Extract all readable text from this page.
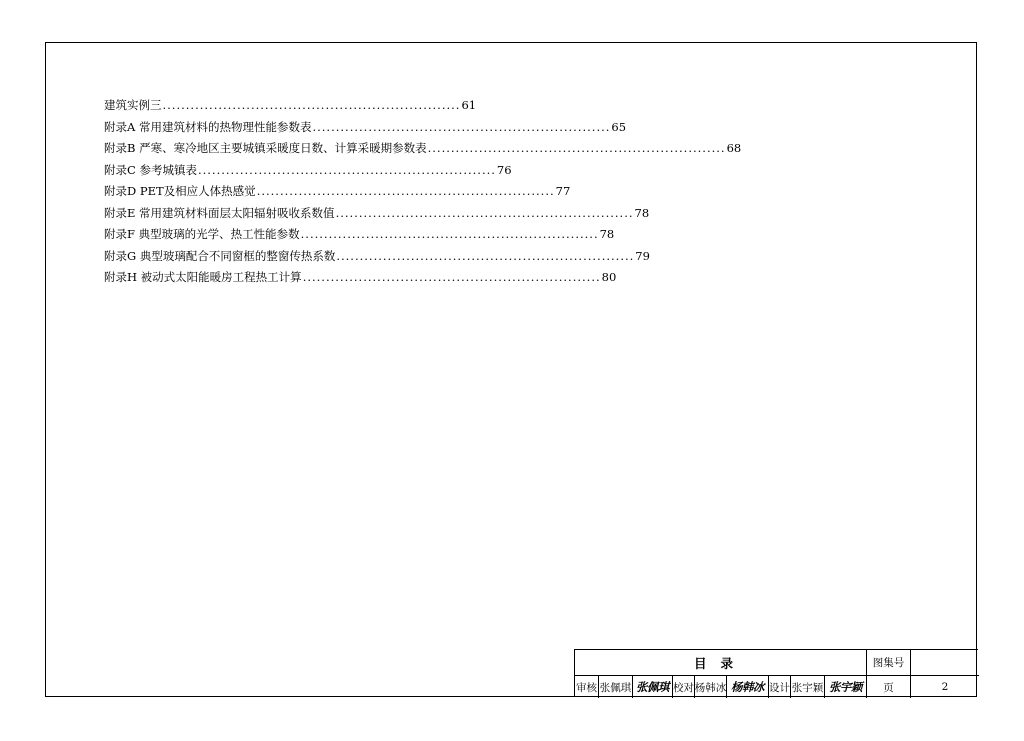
建筑实例三 ................................................................ 61
附录A 常用建筑材料的热物理性能参数表 ................................................................ 65
附录B 严寒、寒冷地区主要城镇采暖度日数、计算采暖期参数表 ................................................................ 68
附录C 参考城镇表 ................................................................ 76
附录D PET及相应人体热感觉 ................................................................ 77
附录E 常用建筑材料面层太阳辐射吸收系数值 ................................................................ 78
附录F 典型玻璃的光学、热工性能参数 ................................................................ 78
附录G 典型玻璃配合不同窗框的整窗传热系数 ................................................................ 79
附录H 被动式太阳能暖房工程热工计算 ................................................................ 80
目录	图集号
审核 张佩琪 张佩琪 校对 杨韩冰 杨韩冰 设计 张宇颖 张宇颖	页	2
